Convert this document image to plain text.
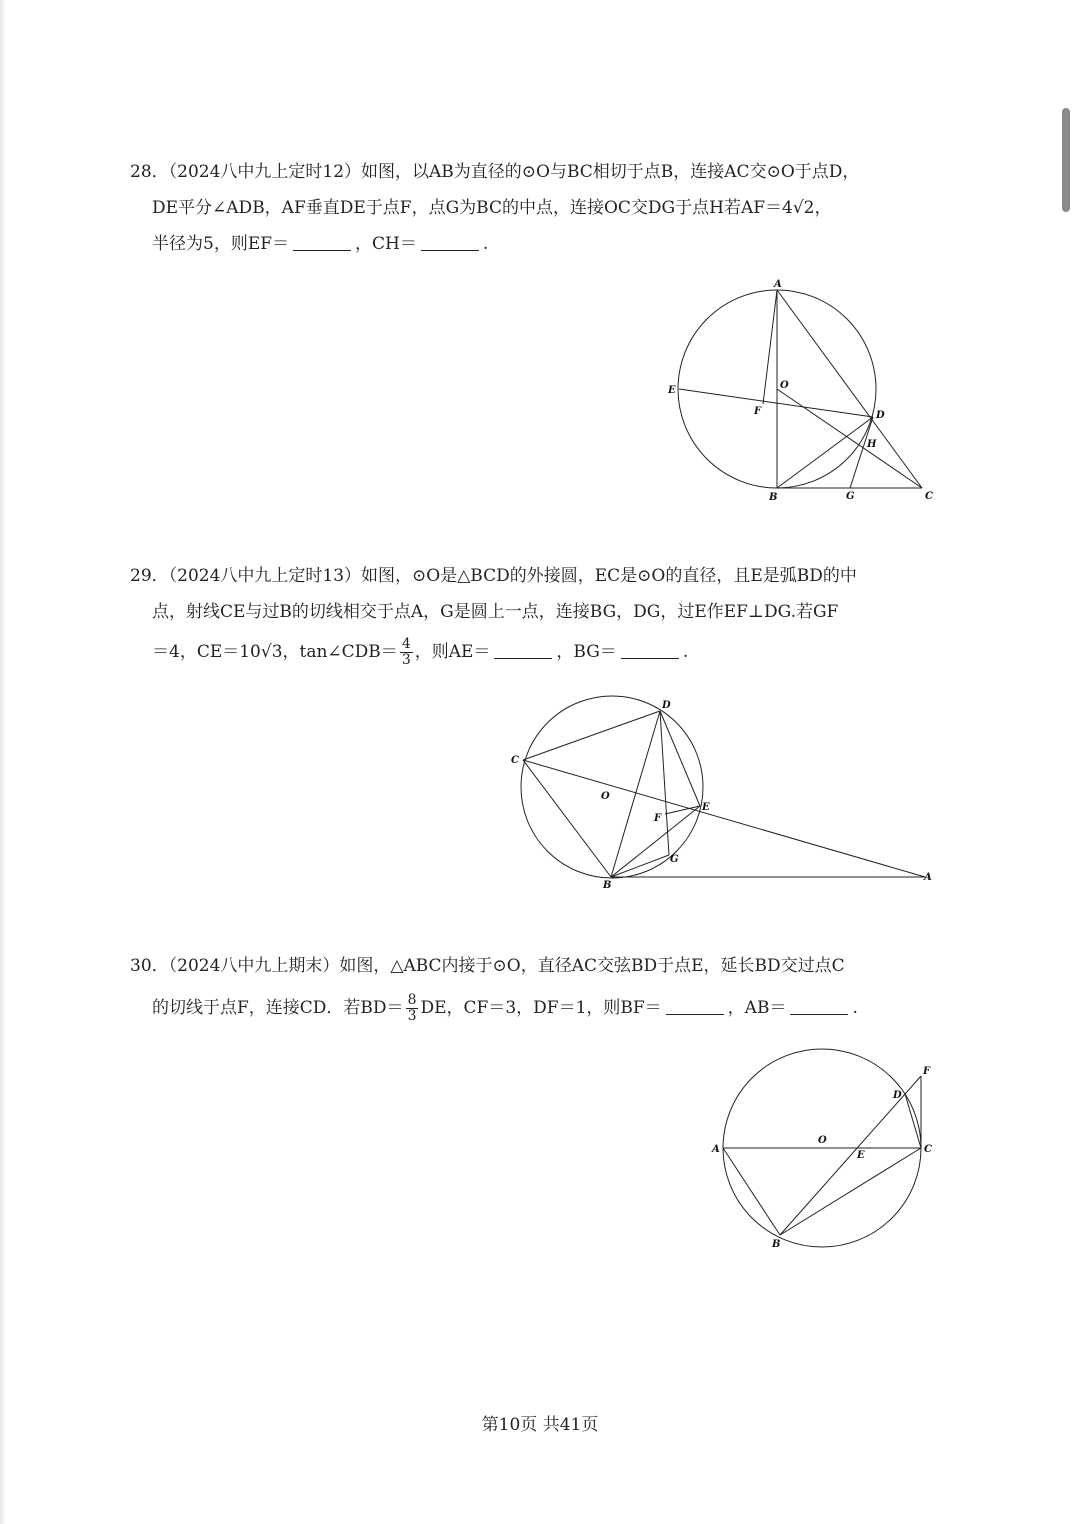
28．（2024八中九上定时12）如图，以AB为直径的⊙O与BC相切于点B，连接AC交⊙O于点D，
DE平分∠ADB，AF垂直DE于点F，点G为BC的中点，连接OC交DG于点H若AF＝4√2，
半径为5，则EF＝	，CH＝	.
A
B	C
D
E
F
G
H
O
29．（2024八中九上定时13）如图，⊙O是△BCD的外接圆，EC是⊙O的直径，且E是弧BD的中
点，射线CE与过B的切线相交于点A，G是圆上一点，连接BG，DG，过E作EF⊥DG.若GF
＝4，CE＝10√3，tan∠CDB＝ $\frac{4}{3}$ ，则AE＝	，BG＝	.
D
C
B
A
E
F
G
O
30．（2024八中九上期末）如图，△ABC内接于⊙O，直径AC交弦BD于点E，延长BD交过点C
的切线于点F，连接CD．若$BD= \frac{8}{3}$ DE，CF＝3，DF＝1，则BF＝	，AB＝	.
F
D
A	C
O
E
B
第10页 共41页
